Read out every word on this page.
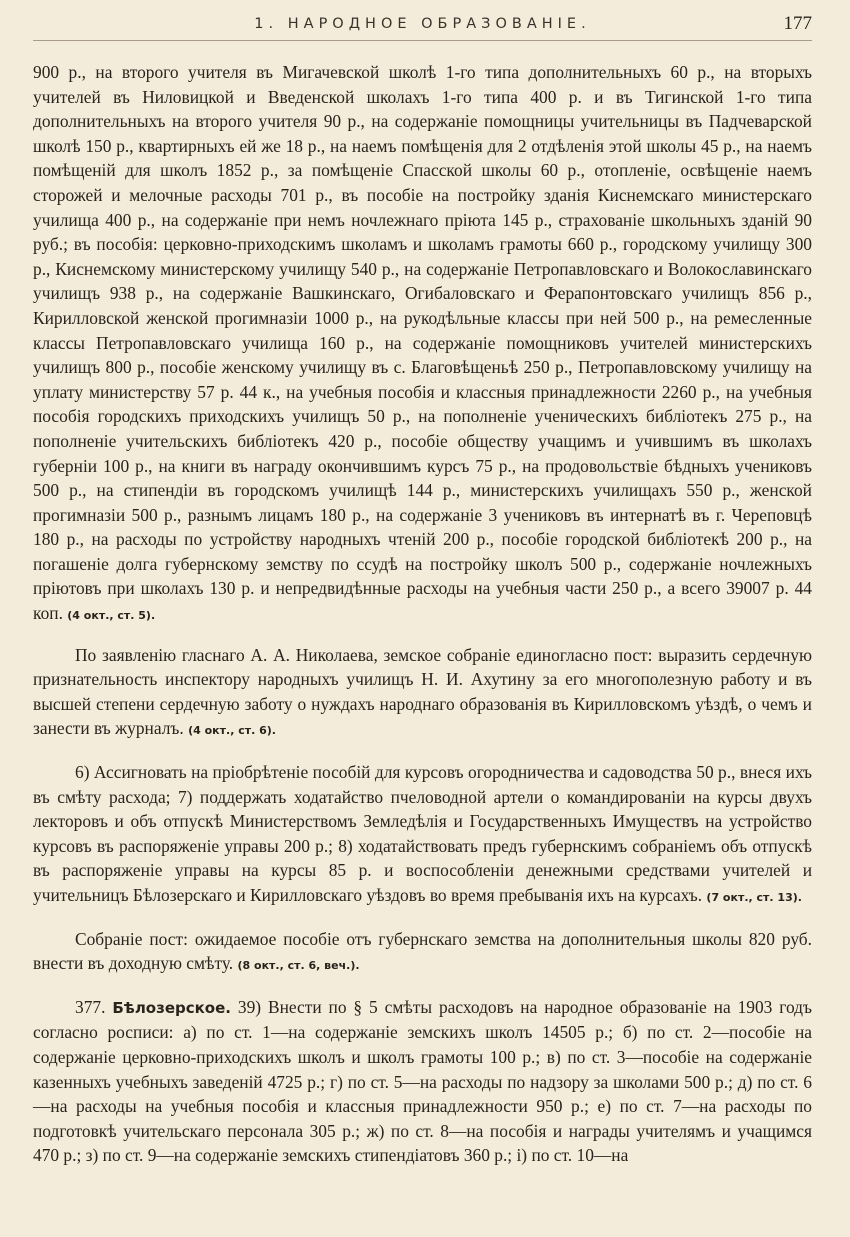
1. НАРОДНОЕ ОБРАЗОВАНІЕ.	177

900 р., на второго учителя въ Мигачевской школѣ 1-го типа дополнительныхъ 60 р., на вторыхъ учителей въ Ниловицкой и Введенской школахъ 1-го типа 400 р. и въ Тигинской 1-го типа дополнительныхъ на второго учителя 90 р., на содержаніе помощницы учительницы въ Падчеварской школѣ 150 р., квартирныхъ ей же 18 р., на наемъ помѣщенія для 2 отдѣленія этой школы 45 р., на наемъ помѣщеній для школъ 1852 р., за помѣщеніе Спасской школы 60 р., отопленіе, освѣщеніе наемъ сторожей и мелочные расходы 701 р., въ пособіе на постройку зданія Киснемскаго министерскаго училища 400 р., на содержаніе при немъ ночлежнаго пріюта 145 р., страхованіе школьныхъ зданій 90 руб.; въ пособія: церковно-приходскимъ школамъ и школамъ грамоты 660 р., городскому училищу 300 р., Киснемскому министерскому училищу 540 р., на содержаніе Петропавловскаго и Волокославинскаго училищъ 938 р., на содержаніе Вашкинскаго, Огибаловскаго и Ферапонтовскаго училищъ 856 р., Кирилловской женской прогимназіи 1000 р., на рукодѣльные классы при ней 500 р., на ремесленные классы Петропавловскаго училища 160 р., на содержаніе помощниковъ учителей министерскихъ училищъ 800 р., пособіе женскому училищу въ с. Благовѣщеньѣ 250 р., Петропавловскому училищу на уплату министерству 57 р. 44 к., на учебныя пособія и классныя принадлежности 2260 р., на учебныя пособія городскихъ приходскихъ училищъ 50 р., на пополненіе ученическихъ библіотекъ 275 р., на пополненіе учительскихъ библіотекъ 420 р., пособіе обществу учащимъ и учившимъ въ школахъ губерніи 100 р., на книги въ награду окончившимъ курсъ 75 р., на продовольствіе бѣдныхъ учениковъ 500 р., на стипендіи въ городскомъ училищѣ 144 р., министерскихъ училищахъ 550 р., женской прогимназіи 500 р., разнымъ лицамъ 180 р., на содержаніе 3 учениковъ въ интернатѣ въ г. Череповцѣ 180 р., на расходы по устройству народныхъ чтеній 200 р., пособіе городской библіотекѣ 200 р., на погашеніе долга губернскому земству по ссудѣ на постройку школъ 500 р., содержаніе ночлежныхъ пріютовъ при школахъ 130 р. и непредвидѣнные расходы на учебныя части 250 р., а всего 39007 р. 44 коп. (4 окт., ст. 5).

По заявленію гласнаго А. А. Николаева, земское собраніе единогласно пост: выразить сердечную признательность инспектору народныхъ училищъ Н. И. Ахутину за его многополезную работу и въ высшей степени сердечную заботу о нуждахъ народнаго образованія въ Кирилловскомъ уѣздѣ, о чемъ и занести въ журналъ. (4 окт., ст. 6).

6) Ассигновать на пріобрѣтеніе пособій для курсовъ огородничества и садоводства 50 р., внеся ихъ въ смѣту расхода; 7) поддержать ходатайство пчеловодной артели о командированіи на курсы двухъ лекторовъ и объ отпускѣ Министерствомъ Земледѣлія и Государственныхъ Имуществъ на устройство курсовъ въ распоряженіе управы 200 р.; 8) ходатайствовать предъ губернскимъ собраніемъ объ отпускѣ въ распоряженіе управы на курсы 85 р. и воспособленіи денежными средствами учителей и учительницъ Бѣлозерскаго и Кирилловскаго уѣздовъ во время пребыванія ихъ на курсахъ. (7 окт., ст. 13).

Собраніе пост: ожидаемое пособіе отъ губернскаго земства на дополнительныя школы 820 руб. внести въ доходную смѣту. (8 окт., ст. 6, веч.).

377. Бѣлозерское. 39) Внести по § 5 смѣты расходовъ на народное образованіе на 1903 годъ согласно росписи: а) по ст. 1—на содержаніе земскихъ школъ 14505 р.; б) по ст. 2—пособіе на содержаніе церковно-приходскихъ школъ и школъ грамоты 100 р.; в) по ст. 3—пособіе на содержаніе казенныхъ учебныхъ заведеній 4725 р.; г) по ст. 5—на расходы по надзору за школами 500 р.; д) по ст. 6—на расходы на учебныя пособія и классныя принадлежности 950 р.; е) по ст. 7—на расходы по подготовкѣ учительскаго персонала 305 р.; ж) по ст. 8—на пособія и награды учителямъ и учащимся 470 р.; з) по ст. 9—на содержаніе земскихъ стипендіатовъ 360 р.; і) по ст. 10—на
